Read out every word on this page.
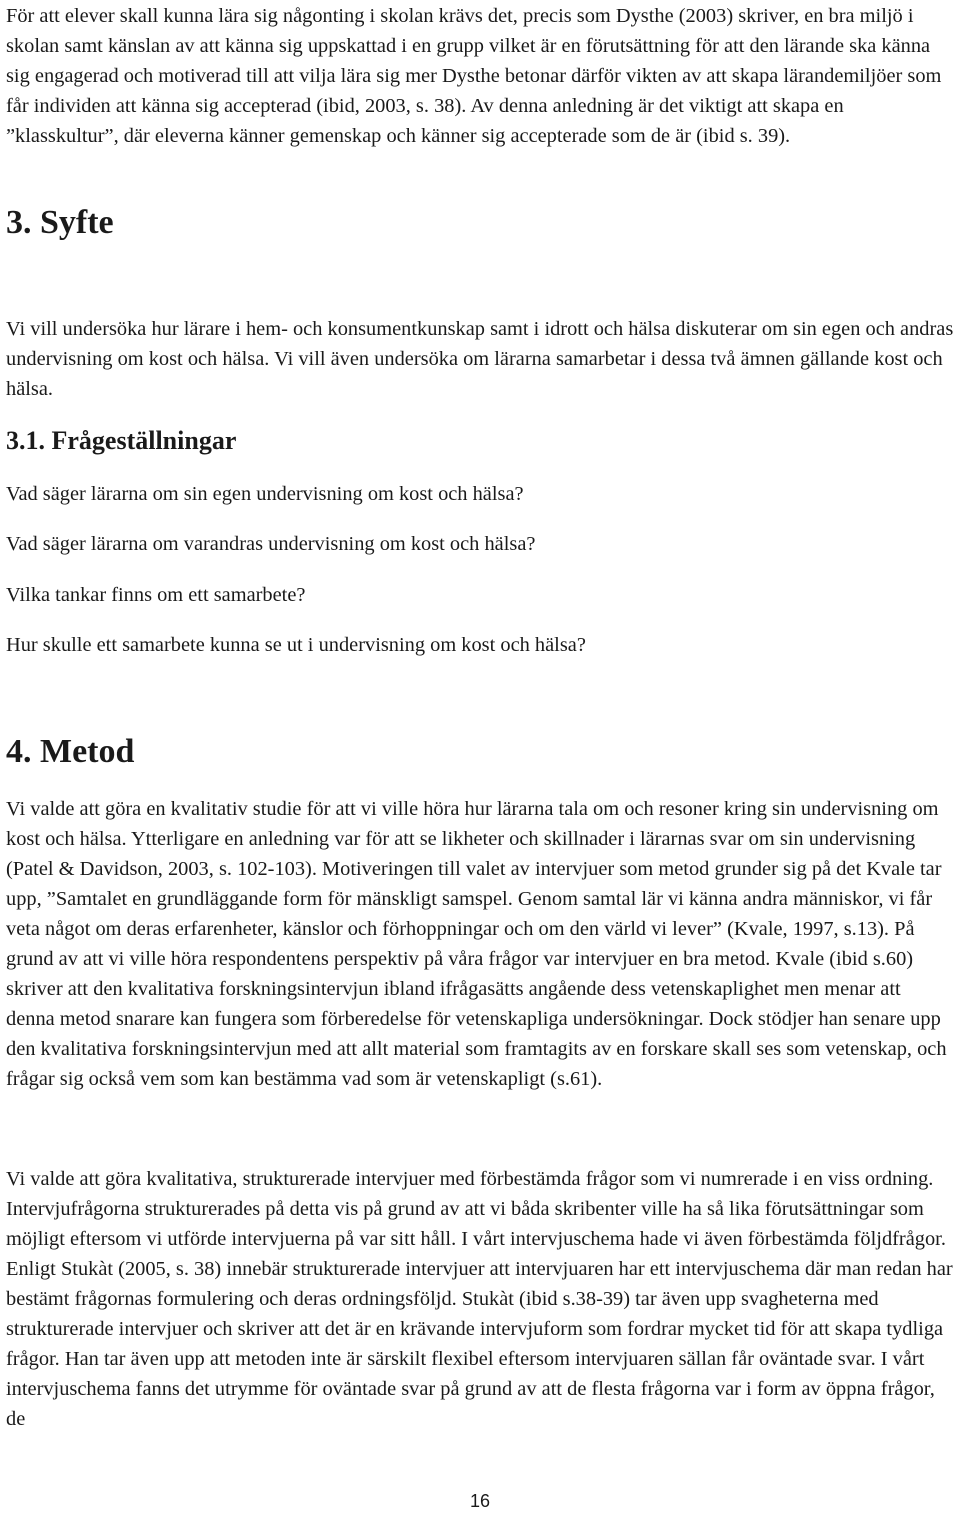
För att elever skall kunna lära sig någonting i skolan krävs det, precis som Dysthe (2003) skriver, en bra miljö i skolan samt känslan av att känna sig uppskattad i en grupp vilket är en förutsättning för att den lärande ska känna sig engagerad och motiverad till att vilja lära sig mer Dysthe betonar därför vikten av att skapa lärandemiljöer som får individen att känna sig accepterad (ibid, 2003, s. 38). Av denna anledning är det viktigt att skapa en ”klasskultur”, där eleverna känner gemenskap och känner sig accepterade som de är (ibid s. 39).

3. Syfte

Vi vill undersöka hur lärare i hem- och konsumentkunskap samt i idrott och hälsa diskuterar om sin egen och andras undervisning om kost och hälsa. Vi vill även undersöka om lärarna samarbetar i dessa två ämnen gällande kost och hälsa.

3.1. Frågeställningar

Vad säger lärarna om sin egen undervisning om kost och hälsa?

Vad säger lärarna om varandras undervisning om kost och hälsa?

Vilka tankar finns om ett samarbete?

Hur skulle ett samarbete kunna se ut i undervisning om kost och hälsa?

4. Metod

Vi valde att göra en kvalitativ studie för att vi ville höra hur lärarna tala om och resoner kring sin undervisning om kost och hälsa. Ytterligare en anledning var för att se likheter och skillnader i lärarnas svar om sin undervisning (Patel & Davidson, 2003, s. 102-103). Motiveringen till valet av intervjuer som metod grunder sig på det Kvale tar upp, ”Samtalet en grundläggande form för mänskligt samspel. Genom samtal lär vi känna andra människor, vi får veta något om deras erfarenheter, känslor och förhoppningar och om den värld vi lever” (Kvale, 1997, s.13). På grund av att vi ville höra respondentens perspektiv på våra frågor var intervjuer en bra metod. Kvale (ibid s.60) skriver att den kvalitativa forskningsintervjun ibland ifrågasätts angående dess vetenskaplighet men menar att denna metod snarare kan fungera som förberedelse för vetenskapliga undersökningar. Dock stödjer han senare upp den kvalitativa forskningsintervjun med att allt material som framtagits av en forskare skall ses som vetenskap, och frågar sig också vem som kan bestämma vad som är vetenskapligt (s.61).

Vi valde att göra kvalitativa, strukturerade intervjuer med förbestämda frågor som vi numrerade i en viss ordning. Intervjufrågorna strukturerades på detta vis på grund av att vi båda skribenter ville ha så lika förutsättningar som möjligt eftersom vi utförde intervjuerna på var sitt håll. I vårt intervjuschema hade vi även förbestämda följdfrågor. Enligt Stukàt (2005, s. 38) innebär strukturerade intervjuer att intervjuaren har ett intervjuschema där man redan har bestämt frågornas formulering och deras ordningsföljd. Stukàt (ibid s.38-39) tar även upp svagheterna med strukturerade intervjuer och skriver att det är en krävande intervjuform som fordrar mycket tid för att skapa tydliga frågor. Han tar även upp att metoden inte är särskilt flexibel eftersom intervjuaren sällan får oväntade svar. I vårt intervjuschema fanns det utrymme för oväntade svar på grund av att de flesta frågorna var i form av öppna frågor, de

16
